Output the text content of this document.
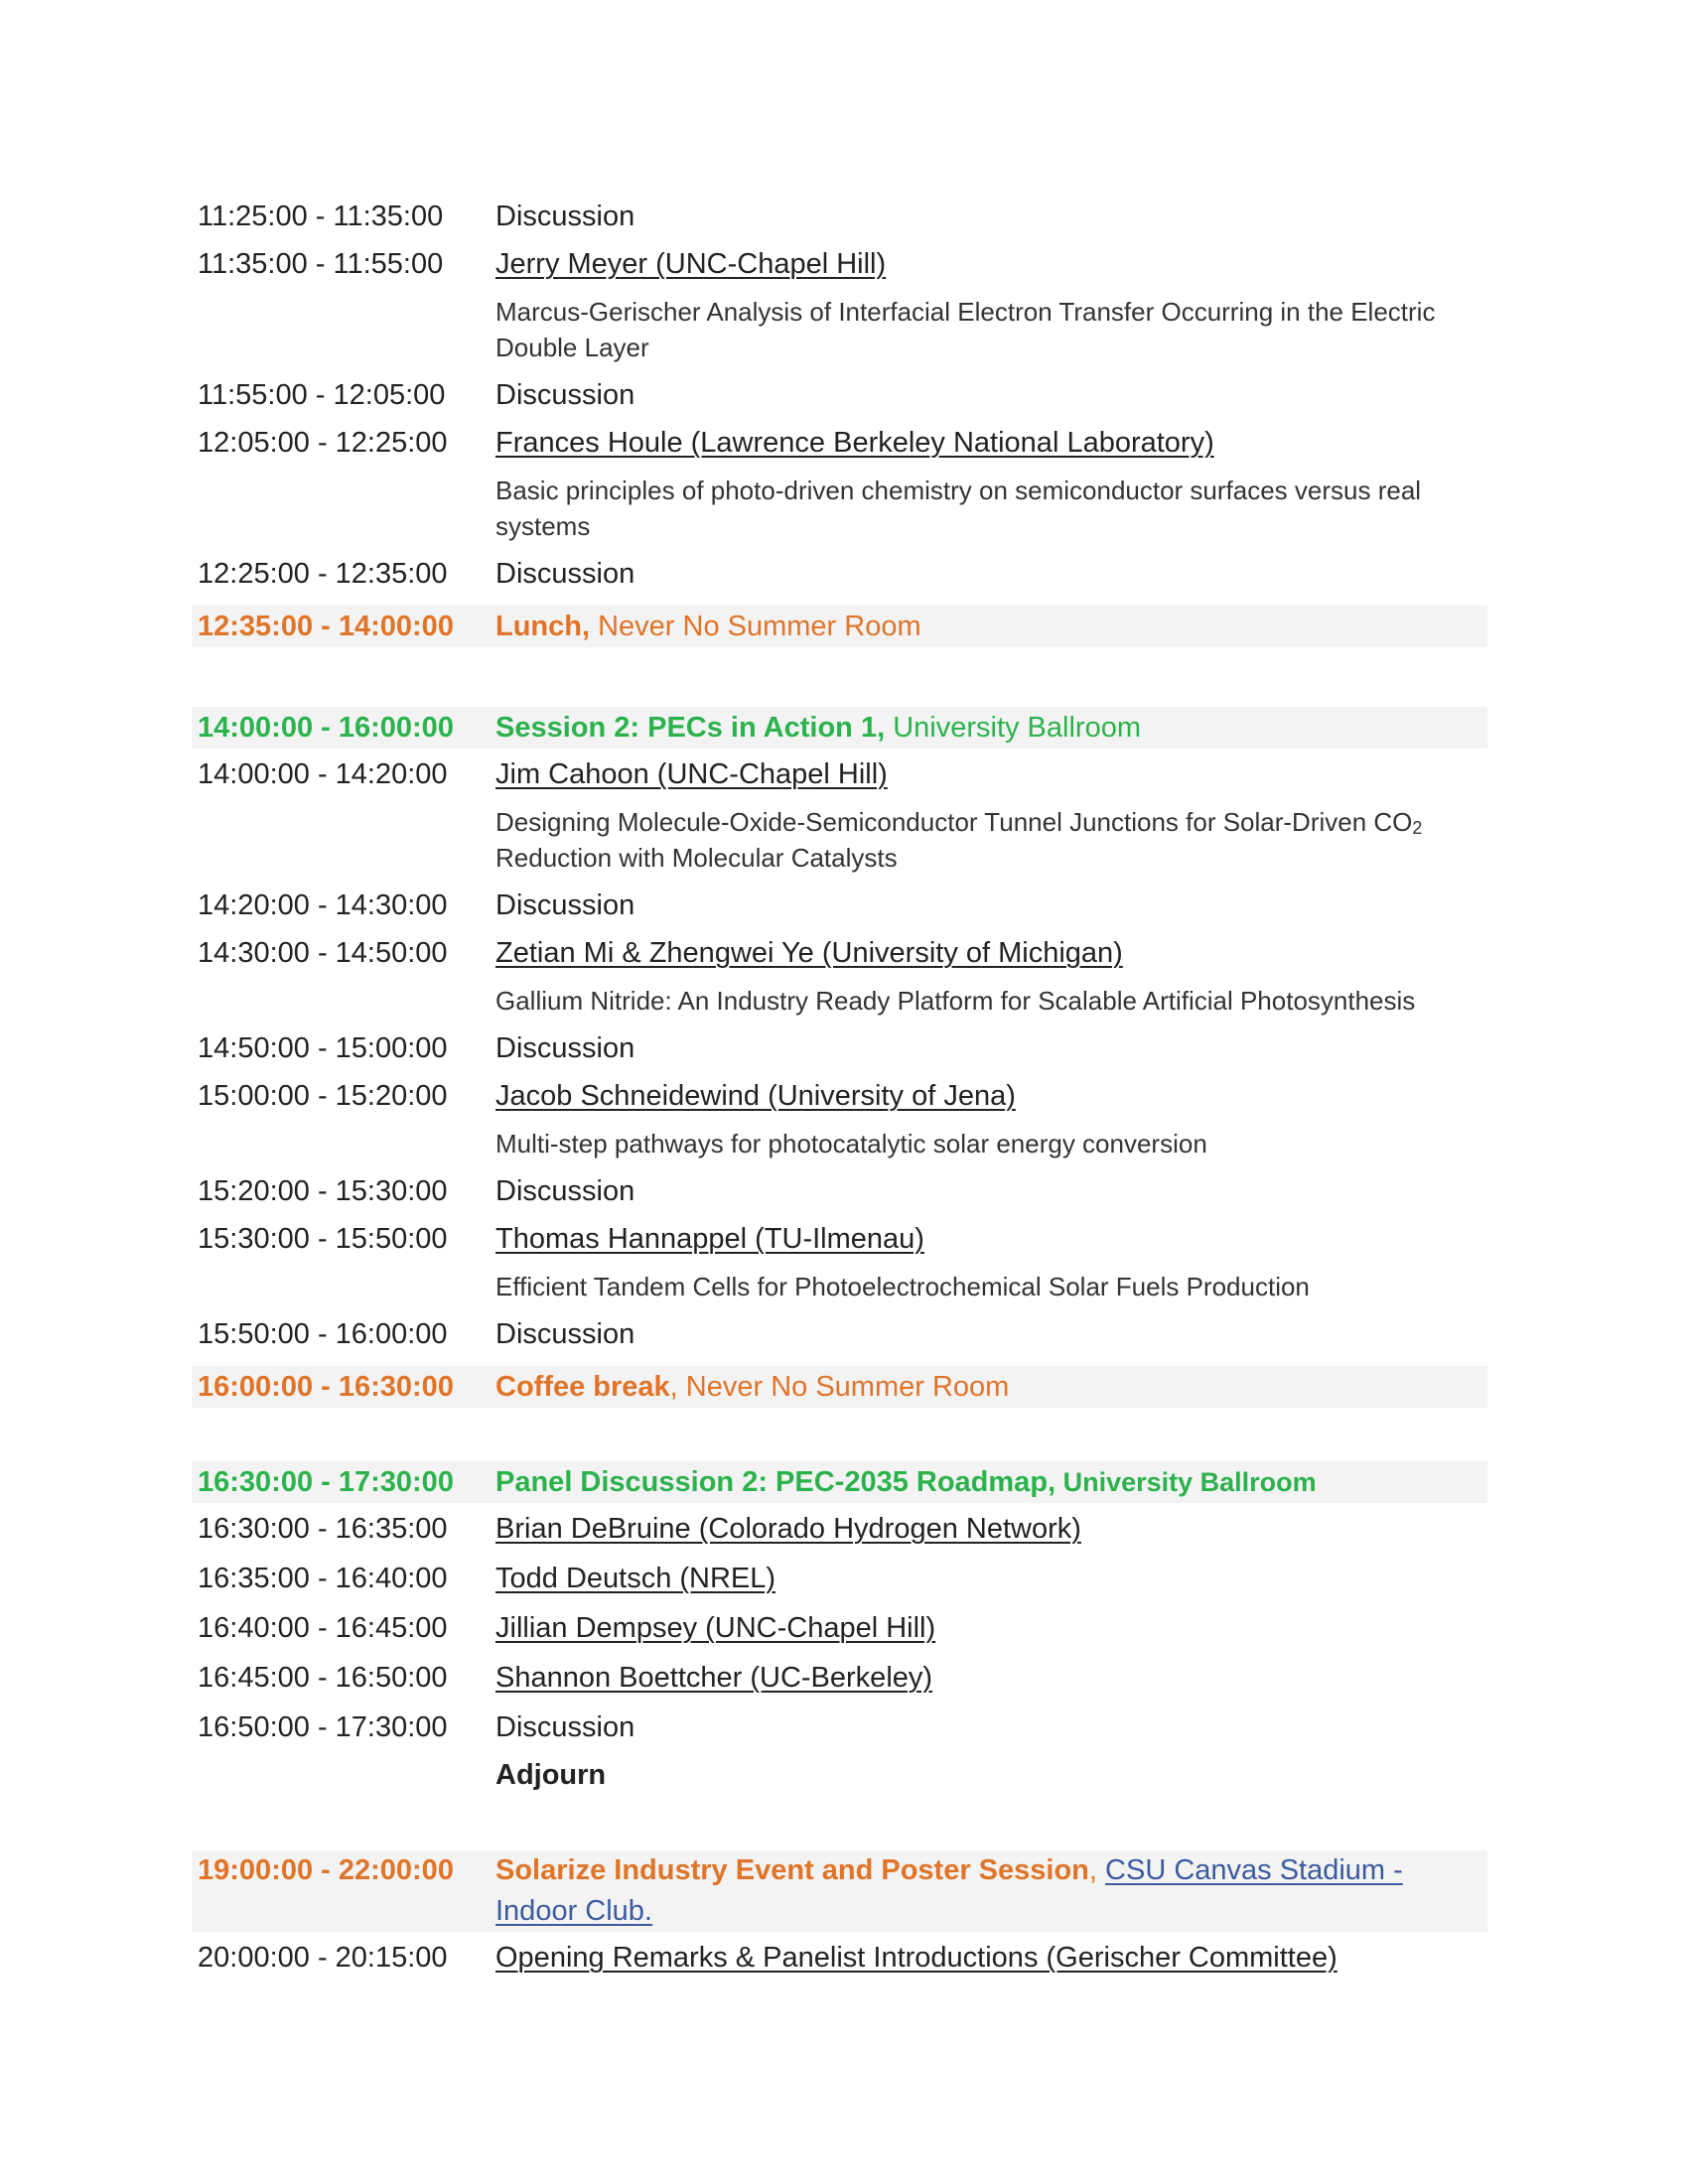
11:25:00 - 11:35:00	Discussion
11:35:00 - 11:55:00	Jerry Meyer (UNC-Chapel Hill)
Marcus-Gerischer Analysis of Interfacial Electron Transfer Occurring in the Electric Double Layer
11:55:00 - 12:05:00	Discussion
12:05:00 - 12:25:00	Frances Houle (Lawrence Berkeley National Laboratory)
Basic principles of photo-driven chemistry on semiconductor surfaces versus real systems
12:25:00 - 12:35:00	Discussion
12:35:00 - 14:00:00	Lunch, Never No Summer Room
14:00:00 - 16:00:00	Session 2: PECs in Action 1, University Ballroom
14:00:00 - 14:20:00	Jim Cahoon (UNC-Chapel Hill)
Designing Molecule-Oxide-Semiconductor Tunnel Junctions for Solar-Driven $CO_2$ Reduction with Molecular Catalysts
14:20:00 - 14:30:00	Discussion
14:30:00 - 14:50:00	Zetian Mi & Zhengwei Ye (University of Michigan)
Gallium Nitride: An Industry Ready Platform for Scalable Artificial Photosynthesis
14:50:00 - 15:00:00	Discussion
15:00:00 - 15:20:00	Jacob Schneidewind (University of Jena)
Multi-step pathways for photocatalytic solar energy conversion
15:20:00 - 15:30:00	Discussion
15:30:00 - 15:50:00	Thomas Hannappel (TU-Ilmenau)
Efficient Tandem Cells for Photoelectrochemical Solar Fuels Production
15:50:00 - 16:00:00	Discussion
16:00:00 - 16:30:00	Coffee break, Never No Summer Room
16:30:00 - 17:30:00	Panel Discussion 2: PEC-2035 Roadmap, University Ballroom
16:30:00 - 16:35:00	Brian DeBruine (Colorado Hydrogen Network)
16:35:00 - 16:40:00	Todd Deutsch (NREL)
16:40:00 - 16:45:00	Jillian Dempsey (UNC-Chapel Hill)
16:45:00 - 16:50:00	Shannon Boettcher (UC-Berkeley)
16:50:00 - 17:30:00	Discussion
Adjourn
19:00:00 - 22:00:00	Solarize Industry Event and Poster Session, CSU Canvas Stadium - Indoor Club.
20:00:00 - 20:15:00	Opening Remarks & Panelist Introductions (Gerischer Committee)
